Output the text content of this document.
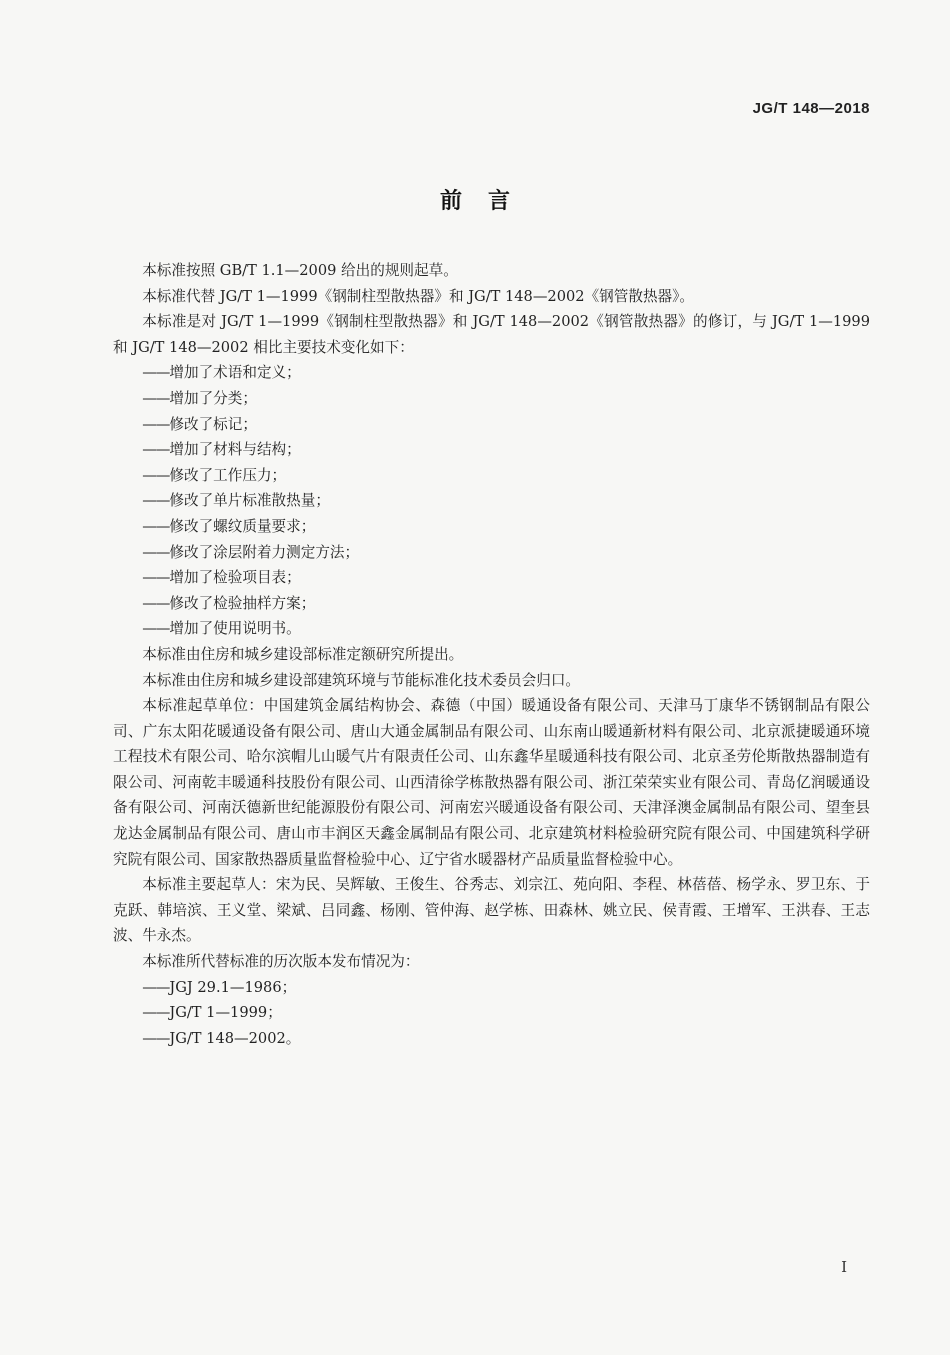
JG/T 148—2018
前言

本标准按照 GB/T 1.1—2009 给出的规则起草。

本标准代替 JG/T 1—1999《钢制柱型散热器》和 JG/T 148—2002《钢管散热器》。

本标准是对 JG/T 1—1999《钢制柱型散热器》和 JG/T 148—2002《钢管散热器》的修订，与 JG/T 1—1999和 JG/T 148—2002 相比主要技术变化如下：

——增加了术语和定义；
——增加了分类；
——修改了标记；
——增加了材料与结构；
——修改了工作压力；
——修改了单片标准散热量；
——修改了螺纹质量要求；
——修改了涂层附着力测定方法；
——增加了检验项目表；
——修改了检验抽样方案；
——增加了使用说明书。

本标准由住房和城乡建设部标准定额研究所提出。

本标准由住房和城乡建设部建筑环境与节能标准化技术委员会归口。

本标准起草单位：中国建筑金属结构协会、森德（中国）暖通设备有限公司、天津马丁康华不锈钢制品有限公司、广东太阳花暖通设备有限公司、唐山大通金属制品有限公司、山东南山暖通新材料有限公司、北京派捷暖通环境工程技术有限公司、哈尔滨帽儿山暖气片有限责任公司、山东鑫华星暖通科技有限公司、北京圣劳伦斯散热器制造有限公司、河南乾丰暖通科技股份有限公司、山西清徐学栋散热器有限公司、浙江荣荣实业有限公司、青岛亿润暖通设备有限公司、河南沃德新世纪能源股份有限公司、河南宏兴暖通设备有限公司、天津泽澳金属制品有限公司、望奎县龙达金属制品有限公司、唐山市丰润区天鑫金属制品有限公司、北京建筑材料检验研究院有限公司、中国建筑科学研究院有限公司、国家散热器质量监督检验中心、辽宁省水暖器材产品质量监督检验中心。

本标准主要起草人：宋为民、吴辉敏、王俊生、谷秀志、刘宗江、苑向阳、李程、林蓓蓓、杨学永、罗卫东、于克跃、韩培滨、王义堂、梁斌、吕同鑫、杨刚、管仲海、赵学栋、田森林、姚立民、侯青霞、王增军、王洪春、王志波、牛永杰。

本标准所代替标准的历次版本发布情况为：

——JGJ 29.1—1986；
——JG/T 1—1999；
——JG/T 148—2002。
I
